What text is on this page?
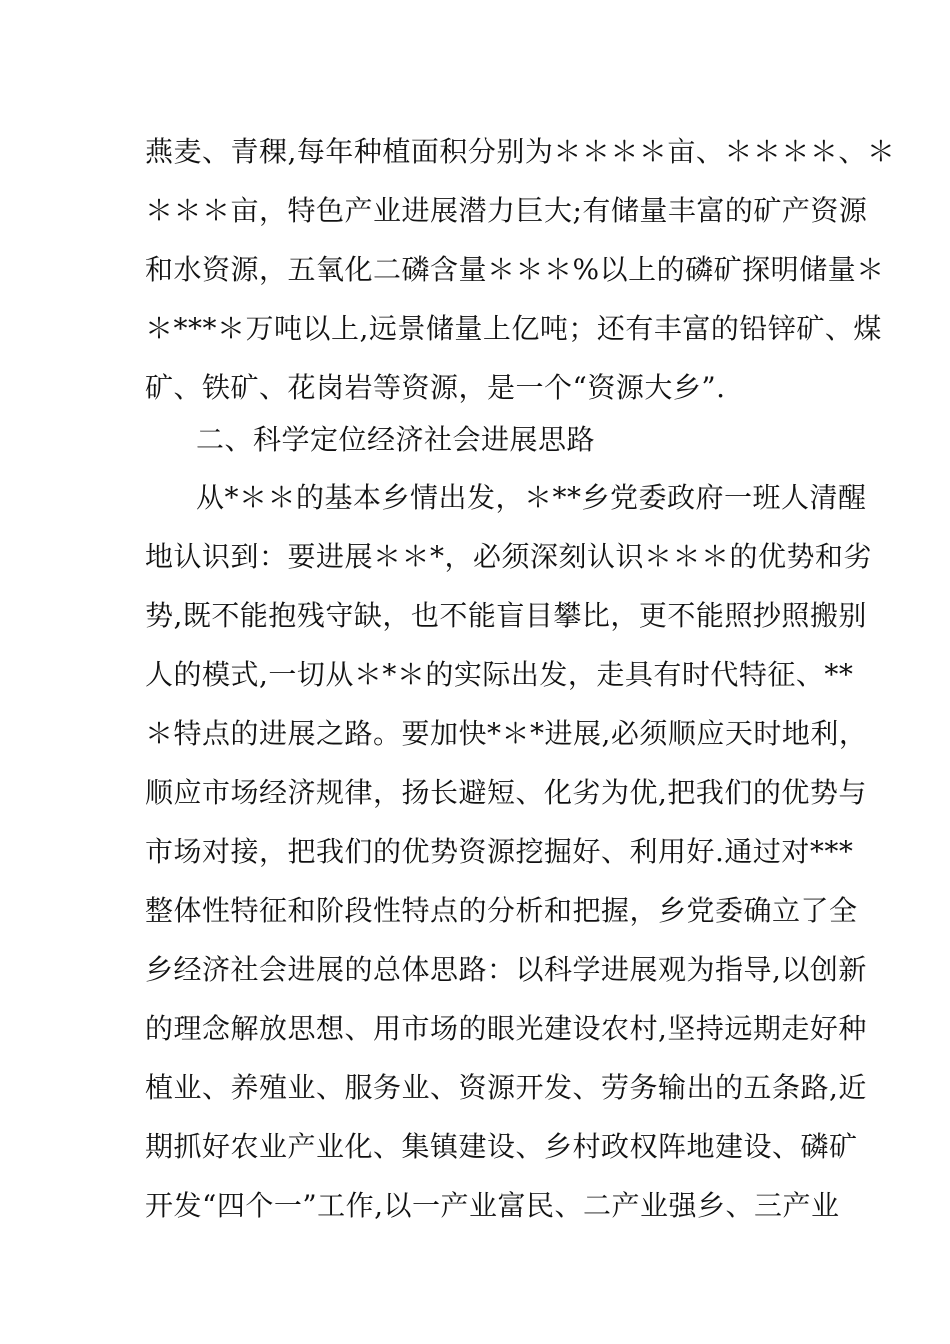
燕麦、青稞,每年种植面积分别为＊＊＊＊亩、＊＊＊＊、＊
＊＊＊亩，特色产业进展潜力巨大;有储量丰富的矿产资源
和水资源，五氧化二磷含量＊＊＊%以上的磷矿探明储量＊
＊***＊万吨以上,远景储量上亿吨；还有丰富的铅锌矿、煤
矿、铁矿、花岗岩等资源，是一个“资源大乡”.
二、科学定位经济社会进展思路
从*＊＊的基本乡情出发，＊**乡党委政府一班人清醒
地认识到：要进展＊＊*，必须深刻认识＊＊＊的优势和劣
势,既不能抱残守缺，也不能盲目攀比，更不能照抄照搬别
人的模式,一切从＊*＊的实际出发，走具有时代特征、**
＊特点的进展之路。要加快*＊*进展,必须顺应天时地利，
顺应市场经济规律，扬长避短、化劣为优,把我们的优势与
市场对接，把我们的优势资源挖掘好、利用好.通过对***
整体性特征和阶段性特点的分析和把握，乡党委确立了全
乡经济社会进展的总体思路：以科学进展观为指导,以创新
的理念解放思想、用市场的眼光建设农村,坚持远期走好种
植业、养殖业、服务业、资源开发、劳务输出的五条路,近
期抓好农业产业化、集镇建设、乡村政权阵地建设、磷矿
开发“四个一”工作,以一产业富民、二产业强乡、三产业
